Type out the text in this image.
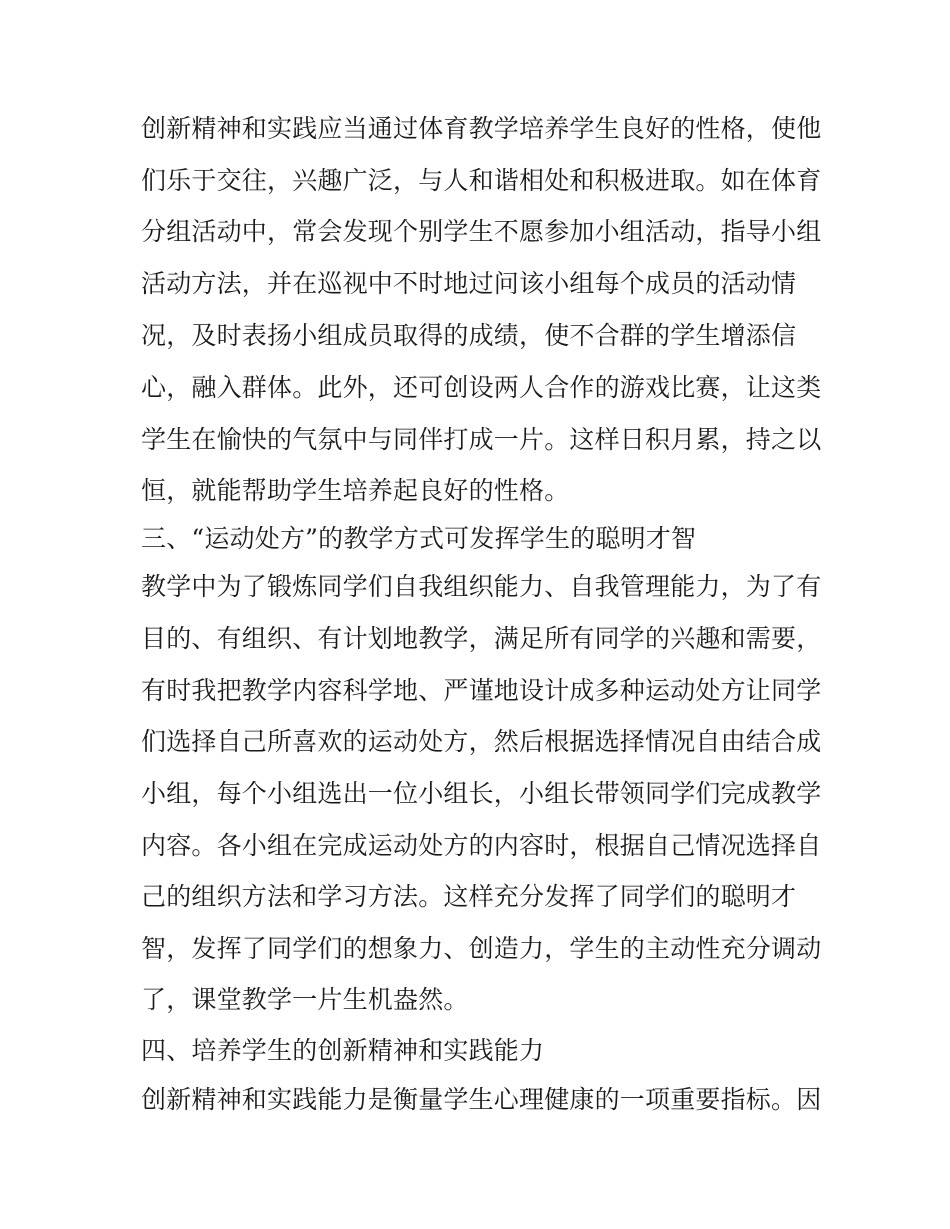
创新精神和实践应当通过体育教学培养学生良好的性格，使他
们乐于交往，兴趣广泛，与人和谐相处和积极进取。如在体育
分组活动中，常会发现个别学生不愿参加小组活动，指导小组
活动方法，并在巡视中不时地过问该小组每个成员的活动情
况，及时表扬小组成员取得的成绩，使不合群的学生增添信
心，融入群体。此外，还可创设两人合作的游戏比赛，让这类
学生在愉快的气氛中与同伴打成一片。这样日积月累，持之以
恒，就能帮助学生培养起良好的性格。
三、“运动处方”的教学方式可发挥学生的聪明才智
教学中为了锻炼同学们自我组织能力、自我管理能力，为了有
目的、有组织、有计划地教学，满足所有同学的兴趣和需要，
有时我把教学内容科学地、严谨地设计成多种运动处方让同学
们选择自己所喜欢的运动处方，然后根据选择情况自由结合成
小组，每个小组选出一位小组长，小组长带领同学们完成教学
内容。各小组在完成运动处方的内容时，根据自己情况选择自
己的组织方法和学习方法。这样充分发挥了同学们的聪明才
智，发挥了同学们的想象力、创造力，学生的主动性充分调动
了，课堂教学一片生机盎然。
四、培养学生的创新精神和实践能力
创新精神和实践能力是衡量学生心理健康的一项重要指标。因
